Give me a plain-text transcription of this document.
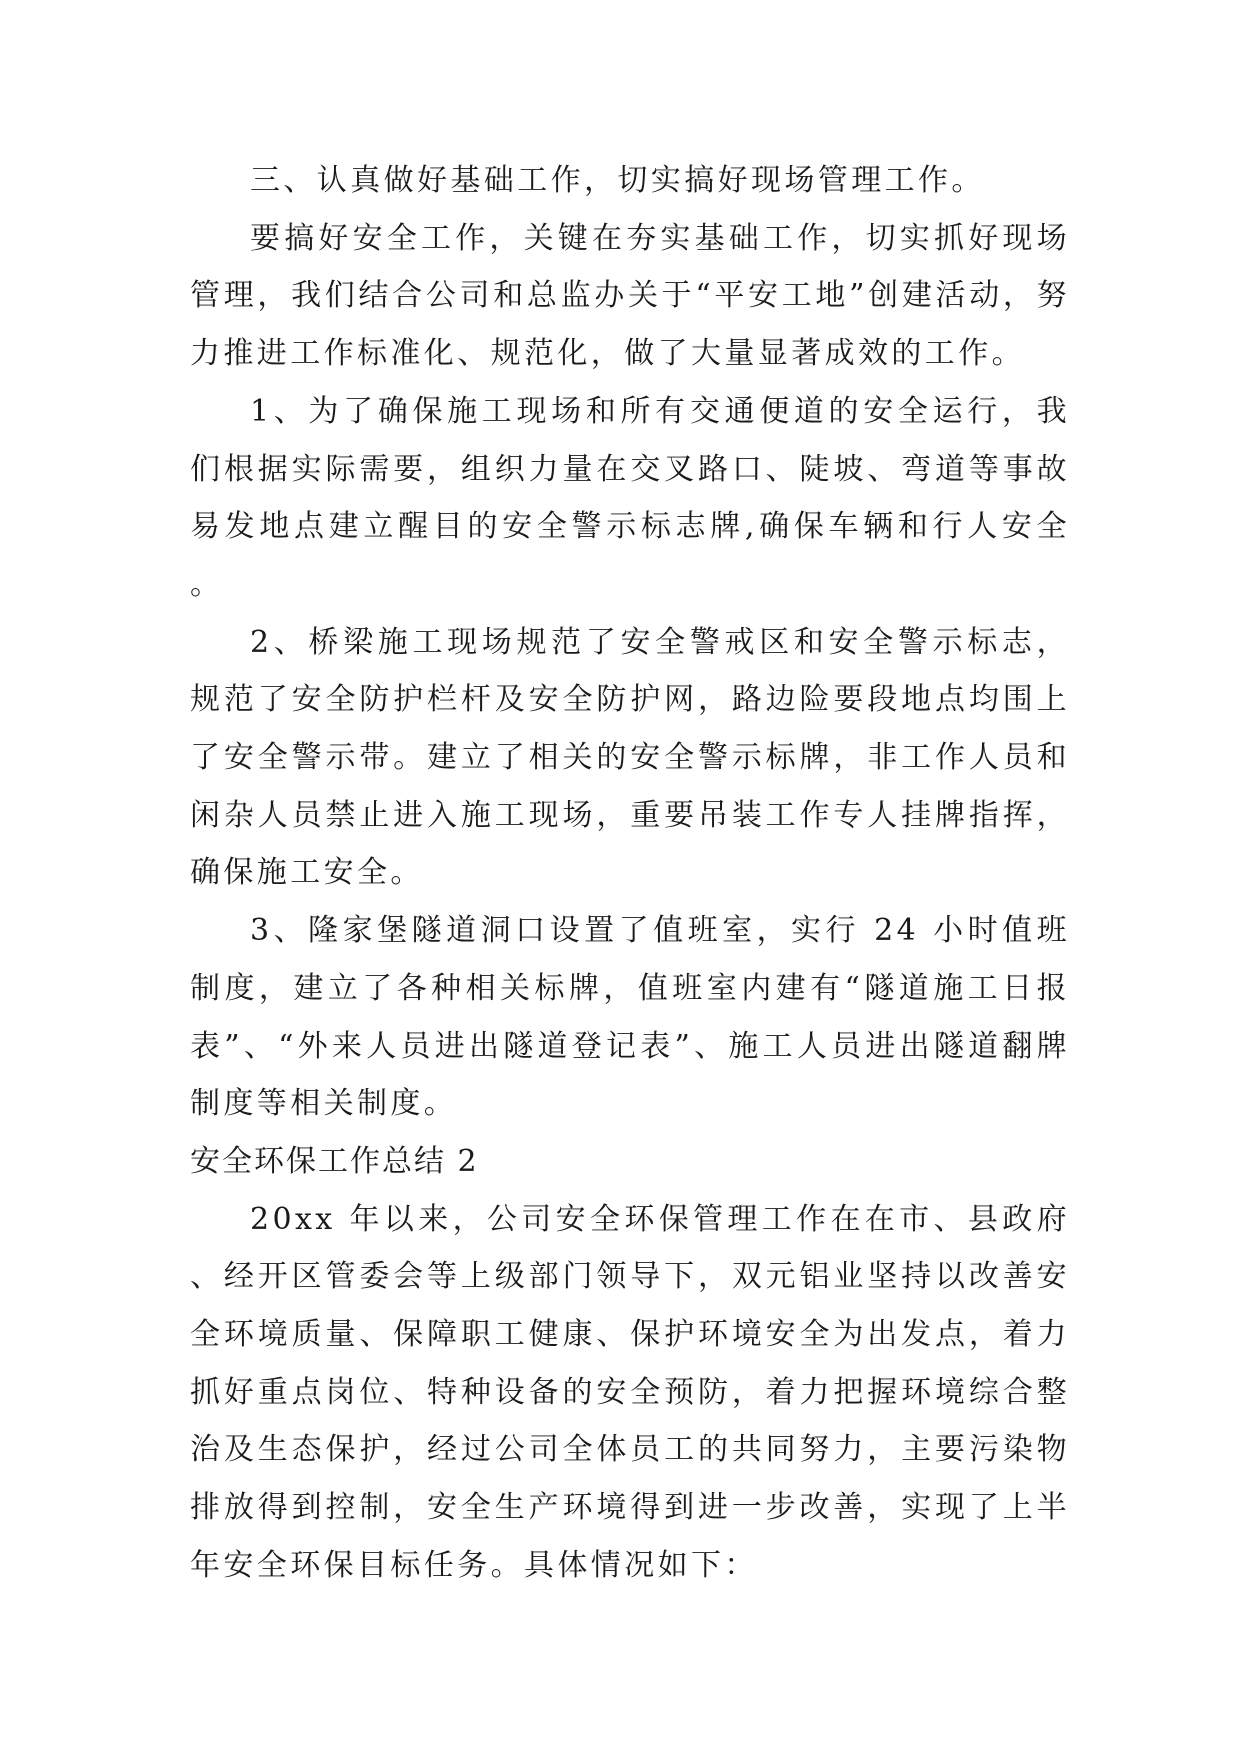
三、认真做好基础工作，切实搞好现场管理工作。

要搞好安全工作，关键在夯实基础工作，切实抓好现场管理，我们结合公司和总监办关于“平安工地”创建活动，努力推进工作标准化、规范化，做了大量显著成效的工作。

1、为了确保施工现场和所有交通便道的安全运行，我们根据实际需要，组织力量在交叉路口、陡坡、弯道等事故易发地点建立醒目的安全警示标志牌,确保车辆和行人安全。

2、桥梁施工现场规范了安全警戒区和安全警示标志，规范了安全防护栏杆及安全防护网，路边险要段地点均围上了安全警示带。建立了相关的安全警示标牌，非工作人员和闲杂人员禁止进入施工现场，重要吊装工作专人挂牌指挥，确保施工安全。

3、隆家堡隧道洞口设置了值班室，实行 24 小时值班制度，建立了各种相关标牌，值班室内建有“隧道施工日报表”、“外来人员进出隧道登记表”、施工人员进出隧道翻牌制度等相关制度。

安全环保工作总结 2

20xx 年以来，公司安全环保管理工作在在市、县政府、经开区管委会等上级部门领导下，双元铝业坚持以改善安全环境质量、保障职工健康、保护环境安全为出发点，着力抓好重点岗位、特种设备的安全预防，着力把握环境综合整治及生态保护，经过公司全体员工的共同努力，主要污染物排放得到控制，安全生产环境得到进一步改善，实现了上半年安全环保目标任务。具体情况如下：
